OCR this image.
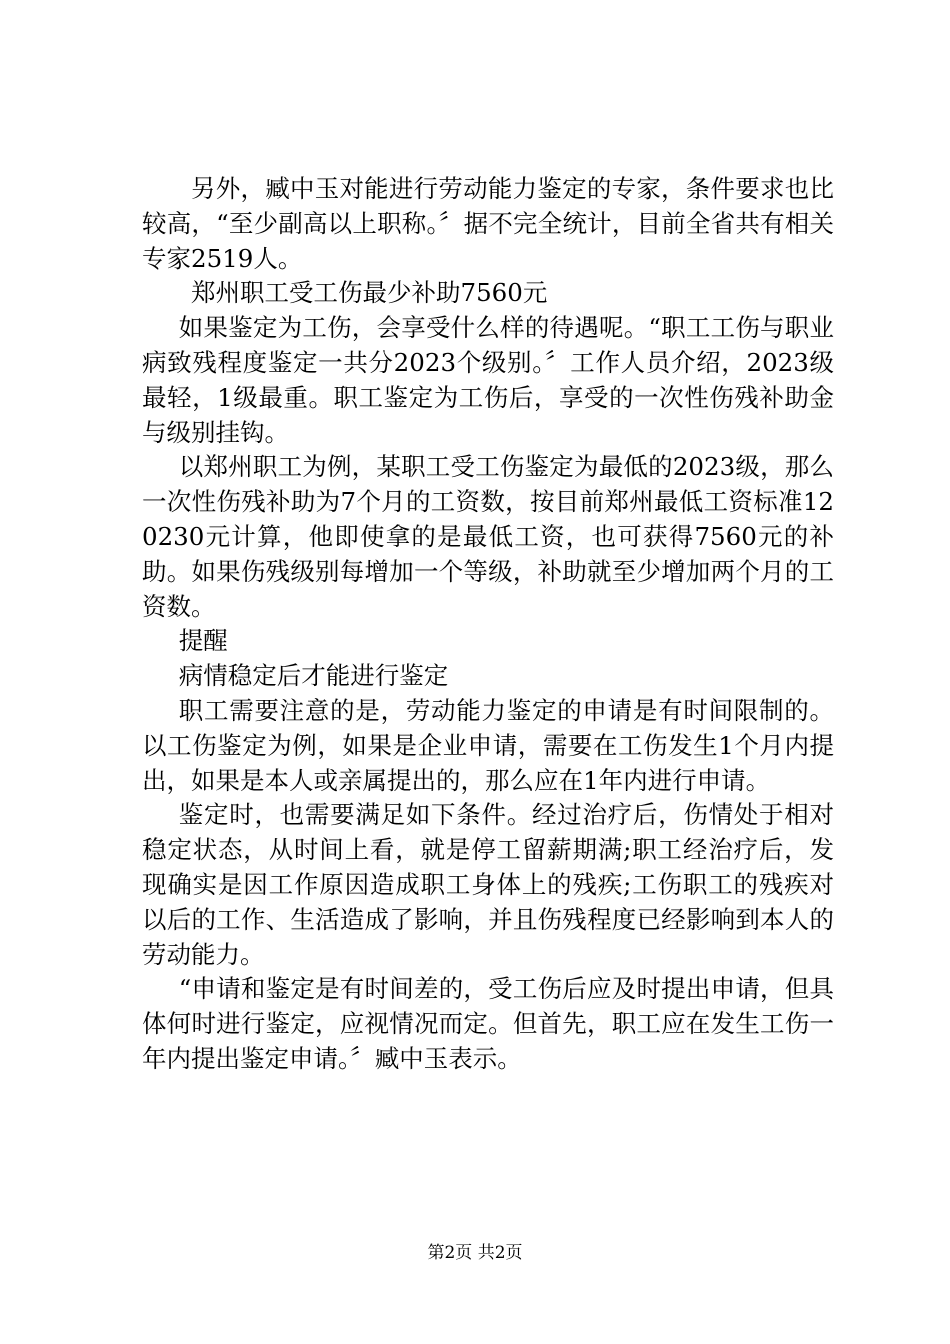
另外，臧中玉对能进行劳动能力鉴定的专家，条件要求也比较高，“至少副高以上职称。〞据不完全统计，目前全省共有相关专家2519人。

郑州职工受工伤最少补助7560元

如果鉴定为工伤，会享受什么样的待遇呢。“职工工伤与职业病致残程度鉴定一共分2023个级别。〞工作人员介绍，2023级最轻，1级最重。职工鉴定为工伤后，享受的一次性伤残补助金与级别挂钩。

以郑州职工为例，某职工受工伤鉴定为最低的2023级，那么一次性伤残补助为7个月的工资数，按目前郑州最低工资标准120230元计算，他即使拿的是最低工资，也可获得7560元的补助。如果伤残级别每增加一个等级，补助就至少增加两个月的工资数。

提醒

病情稳定后才能进行鉴定

职工需要注意的是，劳动能力鉴定的申请是有时间限制的。以工伤鉴定为例，如果是企业申请，需要在工伤发生1个月内提出，如果是本人或亲属提出的，那么应在1年内进行申请。

鉴定时，也需要满足如下条件。经过治疗后，伤情处于相对稳定状态，从时间上看，就是停工留薪期满;职工经治疗后，发现确实是因工作原因造成职工身体上的残疾;工伤职工的残疾对以后的工作、生活造成了影响，并且伤残程度已经影响到本人的劳动能力。

“申请和鉴定是有时间差的，受工伤后应及时提出申请，但具体何时进行鉴定，应视情况而定。但首先，职工应在发生工伤一年内提出鉴定申请。〞臧中玉表示。

第2页 共2页
